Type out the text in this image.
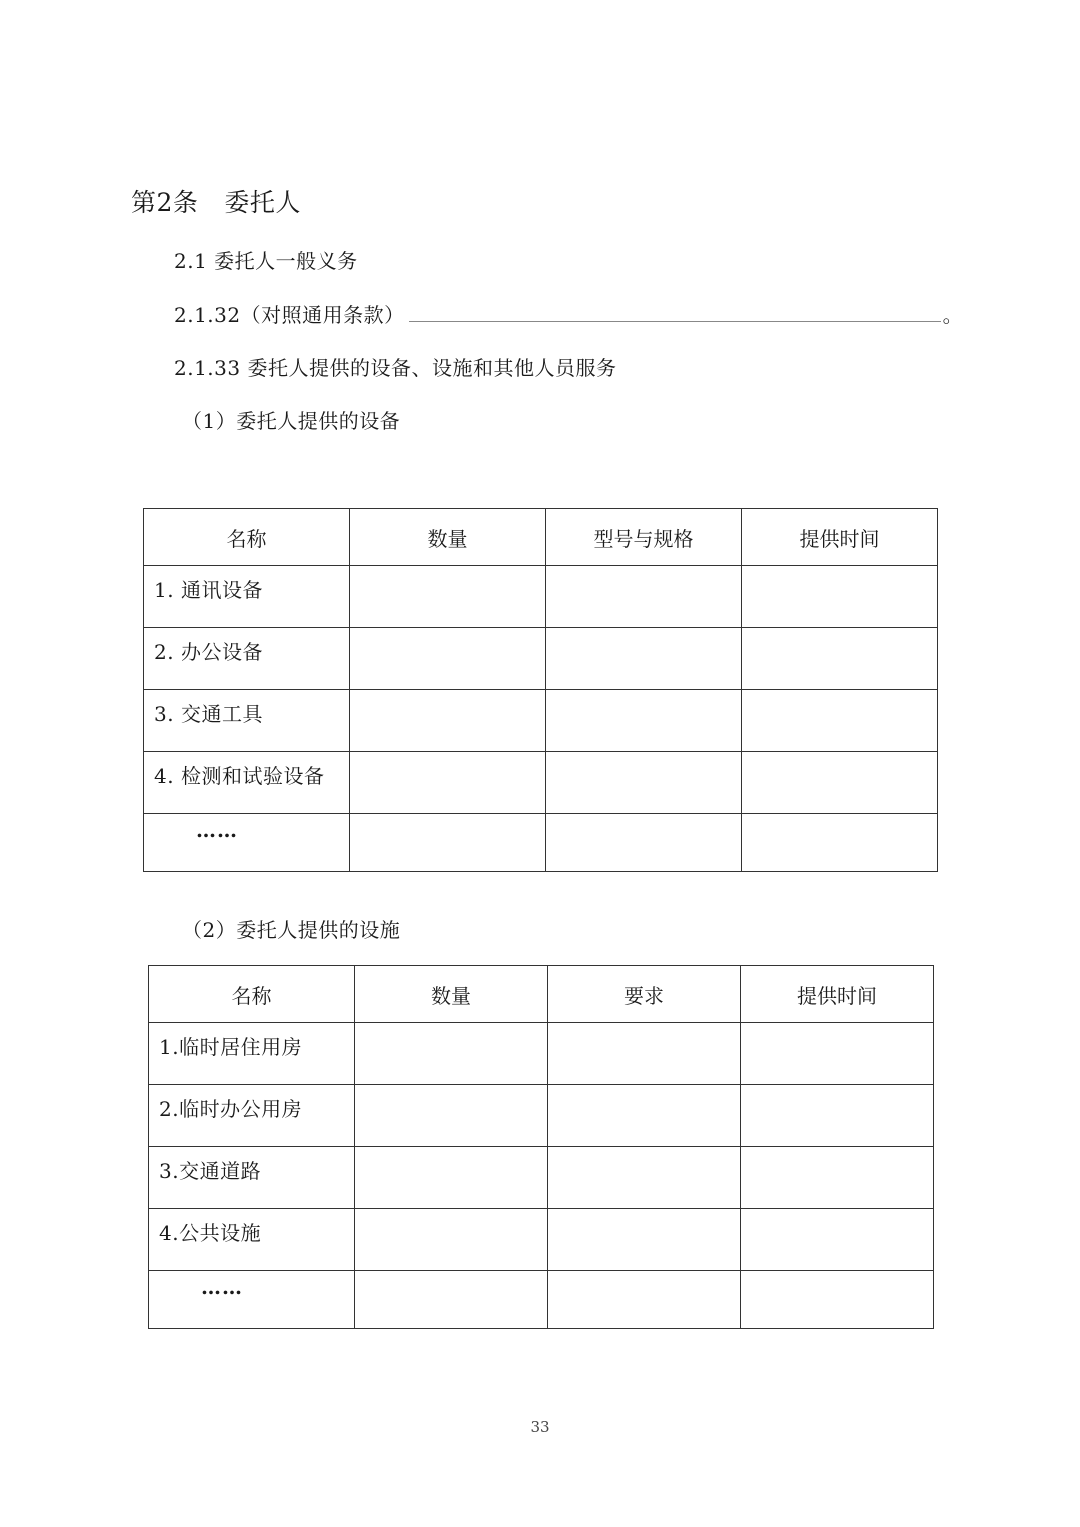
第2条 委托人
2.1 委托人一般义务
2.1.32（对照通用条款）	。
2.1.33 委托人提供的设备、设施和其他人员服务
（1）委托人提供的设备
名称	数量	型号与规格	提供时间
1. 通讯设备			
2. 办公设备			
3. 交通工具			
4. 检测和试验设备			
……			
（2）委托人提供的设施
名称	数量	要求	提供时间
1.临时居住用房			
2.临时办公用房			
3.交通道路			
4.公共设施			
……			
33
